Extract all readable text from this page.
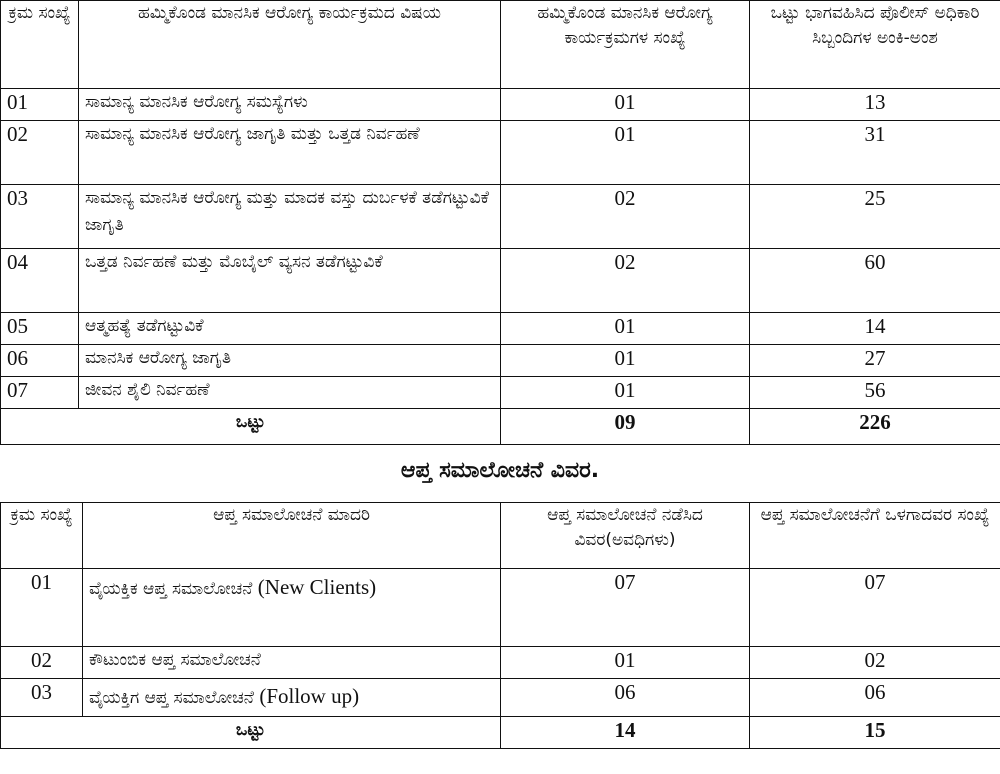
ಕ್ರಮ ಸಂಖ್ಯೆ	ಹಮ್ಮಿಕೊಂಡ ಮಾನಸಿಕ ಆರೋಗ್ಯ ಕಾರ್ಯಕ್ರಮದ ವಿಷಯ	ಹಮ್ಮಿಕೊಂಡ ಮಾನಸಿಕ ಆರೋಗ್ಯ ಕಾರ್ಯಕ್ರಮಗಳ ಸಂಖ್ಯೆ	ಒಟ್ಟು ಭಾಗವಹಿಸಿದ ಪೊಲೀಸ್ ಅಧಿಕಾರಿ ಸಿಬ್ಬಂದಿಗಳ ಅಂಕಿ-ಅಂಶ
01	ಸಾಮಾನ್ಯ ಮಾನಸಿಕ ಆರೋಗ್ಯ ಸಮಸ್ಯೆಗಳು	01	13
02	ಸಾಮಾನ್ಯ ಮಾನಸಿಕ ಆರೋಗ್ಯ ಜಾಗೃತಿ ಮತ್ತು ಒತ್ತಡ ನಿರ್ವಹಣೆ	01	31
03	ಸಾಮಾನ್ಯ ಮಾನಸಿಕ ಆರೋಗ್ಯ ಮತ್ತು ಮಾದಕ ವಸ್ತು ದುರ್ಬಳಕೆ ತಡೆಗಟ್ಟುವಿಕೆ ಜಾಗೃತಿ	02	25
04	ಒತ್ತಡ ನಿರ್ವಹಣೆ ಮತ್ತು ಮೊಬೈಲ್ ವ್ಯಸನ ತಡೆಗಟ್ಟುವಿಕೆ	02	60
05	ಆತ್ಮಹತ್ಯೆ ತಡೆಗಟ್ಟುವಿಕೆ	01	14
06	ಮಾನಸಿಕ ಆರೋಗ್ಯ ಜಾಗೃತಿ	01	27
07	ಜೀವನ ಶೈಲಿ ನಿರ್ವಹಣೆ	01	56
ಒಟ್ಟು		09	226
ಆಪ್ತ ಸಮಾಲೋಚನೆ ವಿವರ.
ಕ್ರಮ ಸಂಖ್ಯೆ	ಆಪ್ತ ಸಮಾಲೋಚನೆ ಮಾದರಿ	ಆಪ್ತ ಸಮಾಲೋಚನೆ ನಡೆಸಿದ ವಿವರ(ಅವಧಿಗಳು)	ಆಪ್ತ ಸಮಾಲೋಚನೆಗೆ ಒಳಗಾದವರ ಸಂಖ್ಯೆ
01	ವೈಯಕ್ತಿಕ ಆಪ್ತ ಸಮಾಲೋಚನೆ (New Clients)	07	07
02	ಕೌಟುಂಬಿಕ ಆಪ್ತ ಸಮಾಲೋಚನೆ	01	02
03	ವೈಯಕ್ತಿಗ ಆಪ್ತ ಸಮಾಲೋಚನೆ (Follow up)	06	06
ಒಟ್ಟು		14	15
